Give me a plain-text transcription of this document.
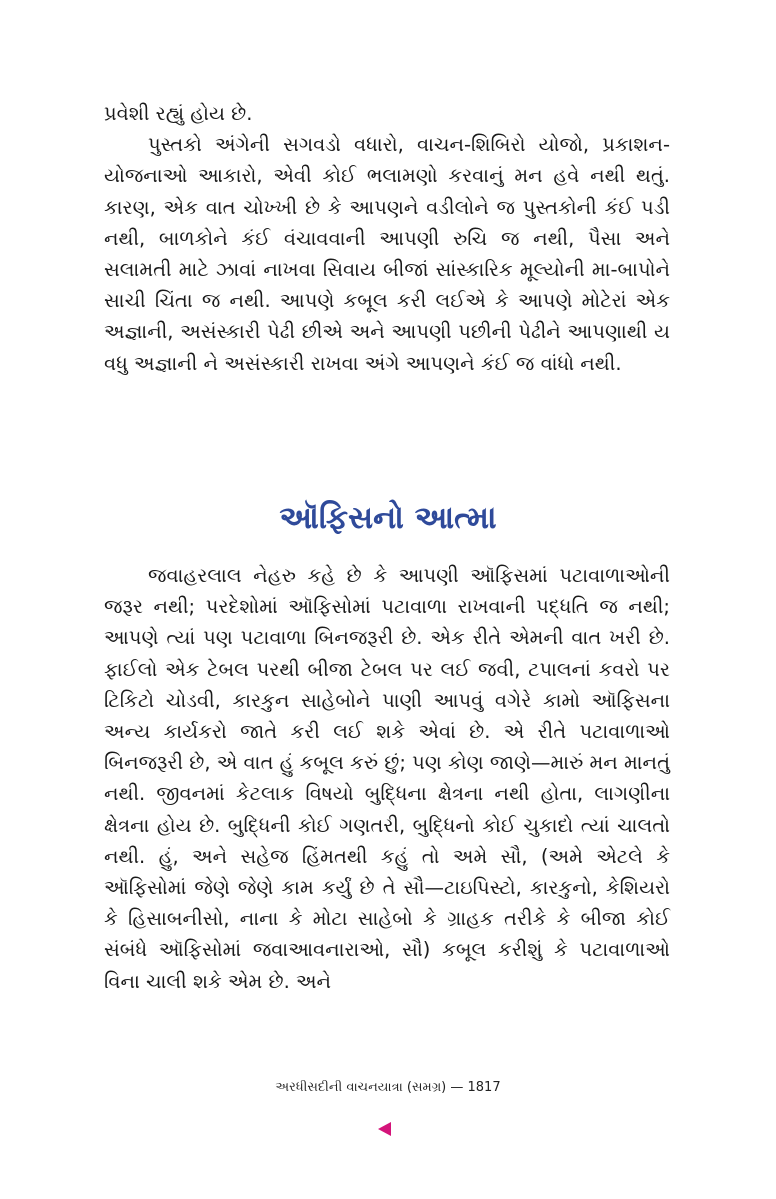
પ્રવેશી રહ્યું હોય છે.

પુસ્તકો અંગેની સગવડો વધારો, વાચન-શિબિરો યોજો, પ્રકાશન-યોજનાઓ આકારો, એવી કોઈ ભલામણો કરવાનું મન હવે નથી થતું. કારણ, એક વાત ચોખ્ખી છે કે આપણને વડીલોને જ પુસ્તકોની કંઈ પડી નથી, બાળકોને કંઈ વંચાવવાની આપણી રુચિ જ નથી, પૈસા અને સલામતી માટે ઝાવાં નાખવા સિવાય બીજાં સાંસ્કારિક મૂલ્યોની મા-બાપોને સાચી ચિંતા જ નથી. આપણે કબૂલ કરી લઈએ કે આપણે મોટેરાં એક અજ્ઞાની, અસંસ્કારી પેઢી છીએ અને આપણી પછીની પેઢીને આપણાથી ય વધુ અજ્ઞાની ને અસંસ્કારી રાખવા અંગે આપણને કંઈ જ વાંધો નથી.

ઑફિસનો આત્મા

જવાહરલાલ નેહરુ કહે છે કે આપણી ઑફિસમાં પટાવાળાઓની જરૂર નથી; પરદેશોમાં ઑફિસોમાં પટાવાળા રાખવાની પદ્ધતિ જ નથી; આપણે ત્યાં પણ પટાવાળા બિનજરૂરી છે. એક રીતે એમની વાત ખરી છે. ફાઈલો એક ટેબલ પરથી બીજા ટેબલ પર લઈ જવી, ટપાલનાં કવરો પર ટિકિટો ચોડવી, કારકુન સાહેબોને પાણી આપવું વગેરે કામો ઑફિસના અન્ય કાર્યકરો જાતે કરી લઈ શકે એવાં છે. એ રીતે પટાવાળાઓ બિનજરૂરી છે, એ વાત હું કબૂલ કરું છું; પણ કોણ જાણે—મારું મન માનતું નથી. જીવનમાં કેટલાક વિષયો બુદ્ધિના ક્ષેત્રના નથી હોતા, લાગણીના ક્ષેત્રના હોય છે. બુદ્ધિની કોઈ ગણતરી, બુદ્ધિનો કોઈ ચુકાદો ત્યાં ચાલતો નથી. હું, અને સહેજ હિંમતથી કહું તો અમે સૌ, (અમે એટલે કે ઑફિસોમાં જેણે જેણે કામ કર્યું છે તે સૌ—ટાઇપિસ્ટો, કારકુનો, કેશિયરો કે હિસાબનીસો, નાના કે મોટા સાહેબો કે ગ્રાહક તરીકે કે બીજા કોઈ સંબંધે ઑફિસોમાં જવાઆવનારાઓ, સૌ) કબૂલ કરીશું કે પટાવાળાઓ વિના ચાલી શકે એમ છે. અને

અરધીસદીની વાચનયાત્રા (સમગ્ર) — 1817
